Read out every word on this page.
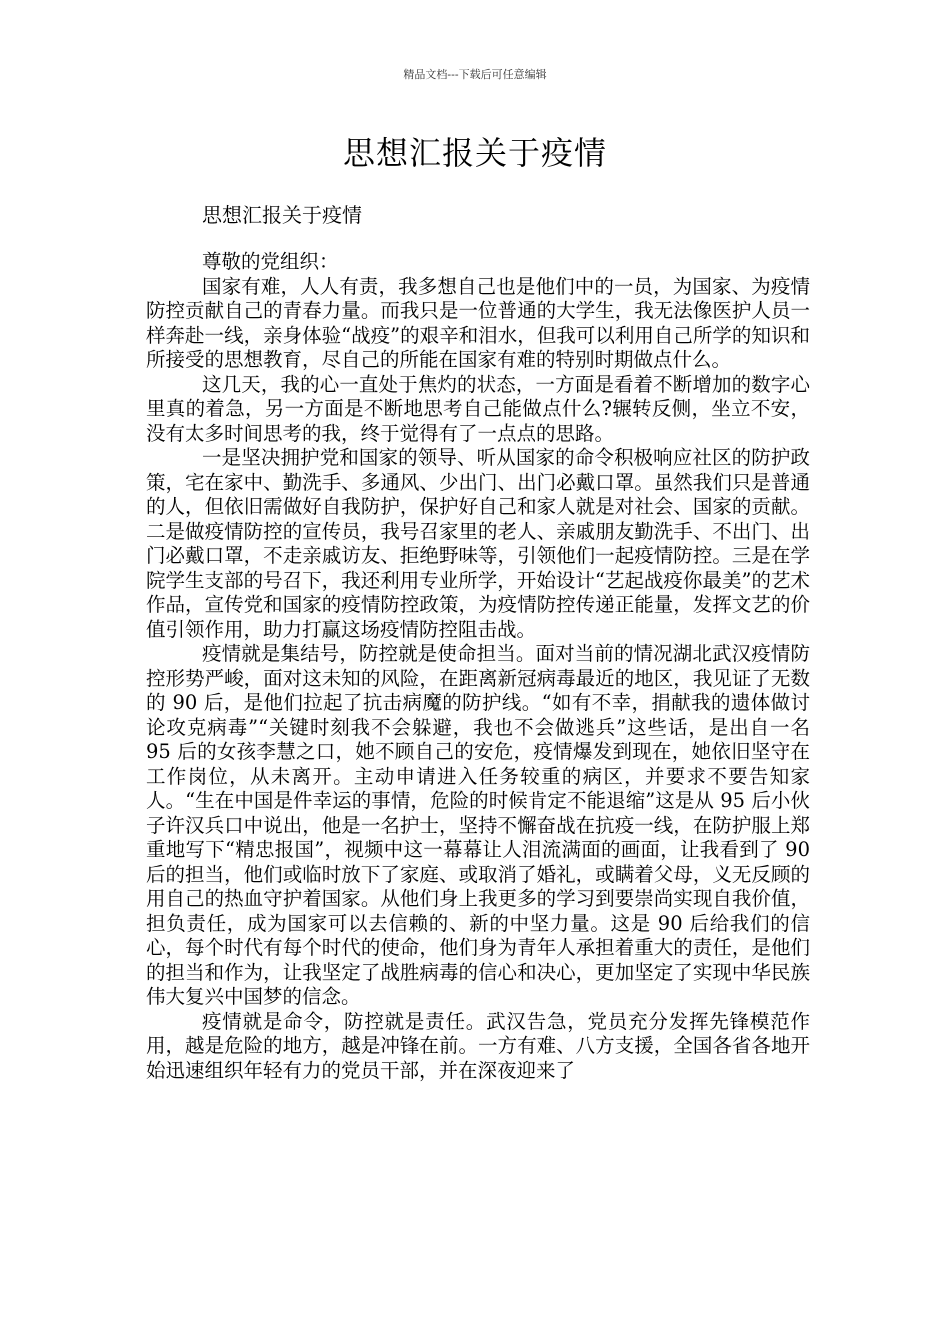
精品文档---下载后可任意编辑
思想汇报关于疫情

思想汇报关于疫情

尊敬的党组织：

国家有难，人人有责，我多想自己也是他们中的一员，为国家、为疫情防控贡献自己的青春力量。而我只是一位普通的大学生，我无法像医护人员一样奔赴一线，亲身体验“战疫”的艰辛和泪水，但我可以利用自己所学的知识和所接受的思想教育，尽自己的所能在国家有难的特别时期做点什么。

这几天，我的心一直处于焦灼的状态，一方面是看着不断增加的数字心里真的着急，另一方面是不断地思考自己能做点什么?辗转反侧，坐立不安，没有太多时间思考的我，终于觉得有了一点点的思路。

一是坚决拥护党和国家的领导、听从国家的命令积极响应社区的防护政策，宅在家中、勤洗手、多通风、少出门、出门必戴口罩。虽然我们只是普通的人，但依旧需做好自我防护，保护好自己和家人就是对社会、国家的贡献。二是做疫情防控的宣传员，我号召家里的老人、亲戚朋友勤洗手、不出门、出门必戴口罩，不走亲戚访友、拒绝野味等，引领他们一起疫情防控。三是在学院学生支部的号召下，我还利用专业所学，开始设计“艺起战疫你最美”的艺术作品，宣传党和国家的疫情防控政策，为疫情防控传递正能量，发挥文艺的价值引领作用，助力打赢这场疫情防控阻击战。

疫情就是集结号，防控就是使命担当。面对当前的情况湖北武汉疫情防控形势严峻，面对这未知的风险，在距离新冠病毒最近的地区，我见证了无数的 90 后，是他们拉起了抗击病魔的防护线。“如有不幸，捐献我的遗体做讨论攻克病毒”“关键时刻我不会躲避，我也不会做逃兵”这些话，是出自一名 95 后的女孩李慧之口，她不顾自己的安危，疫情爆发到现在，她依旧坚守在工作岗位，从未离开。主动申请进入任务较重的病区，并要求不要告知家人。“生在中国是件幸运的事情，危险的时候肯定不能退缩”这是从 95 后小伙子许汉兵口中说出，他是一名护士，坚持不懈奋战在抗疫一线，在防护服上郑重地写下“精忠报国”，视频中这一幕幕让人泪流满面的画面，让我看到了 90 后的担当，他们或临时放下了家庭、或取消了婚礼，或瞒着父母，义无反顾的用自己的热血守护着国家。从他们身上我更多的学习到要崇尚实现自我价值，担负责任，成为国家可以去信赖的、新的中坚力量。这是 90 后给我们的信心，每个时代有每个时代的使命，他们身为青年人承担着重大的责任，是他们的担当和作为，让我坚定了战胜病毒的信心和决心，更加坚定了实现中华民族伟大复兴中国梦的信念。

疫情就是命令，防控就是责任。武汉告急，党员充分发挥先锋模范作用，越是危险的地方，越是冲锋在前。一方有难、八方支援，全国各省各地开始迅速组织年轻有力的党员干部，并在深夜迎来了
